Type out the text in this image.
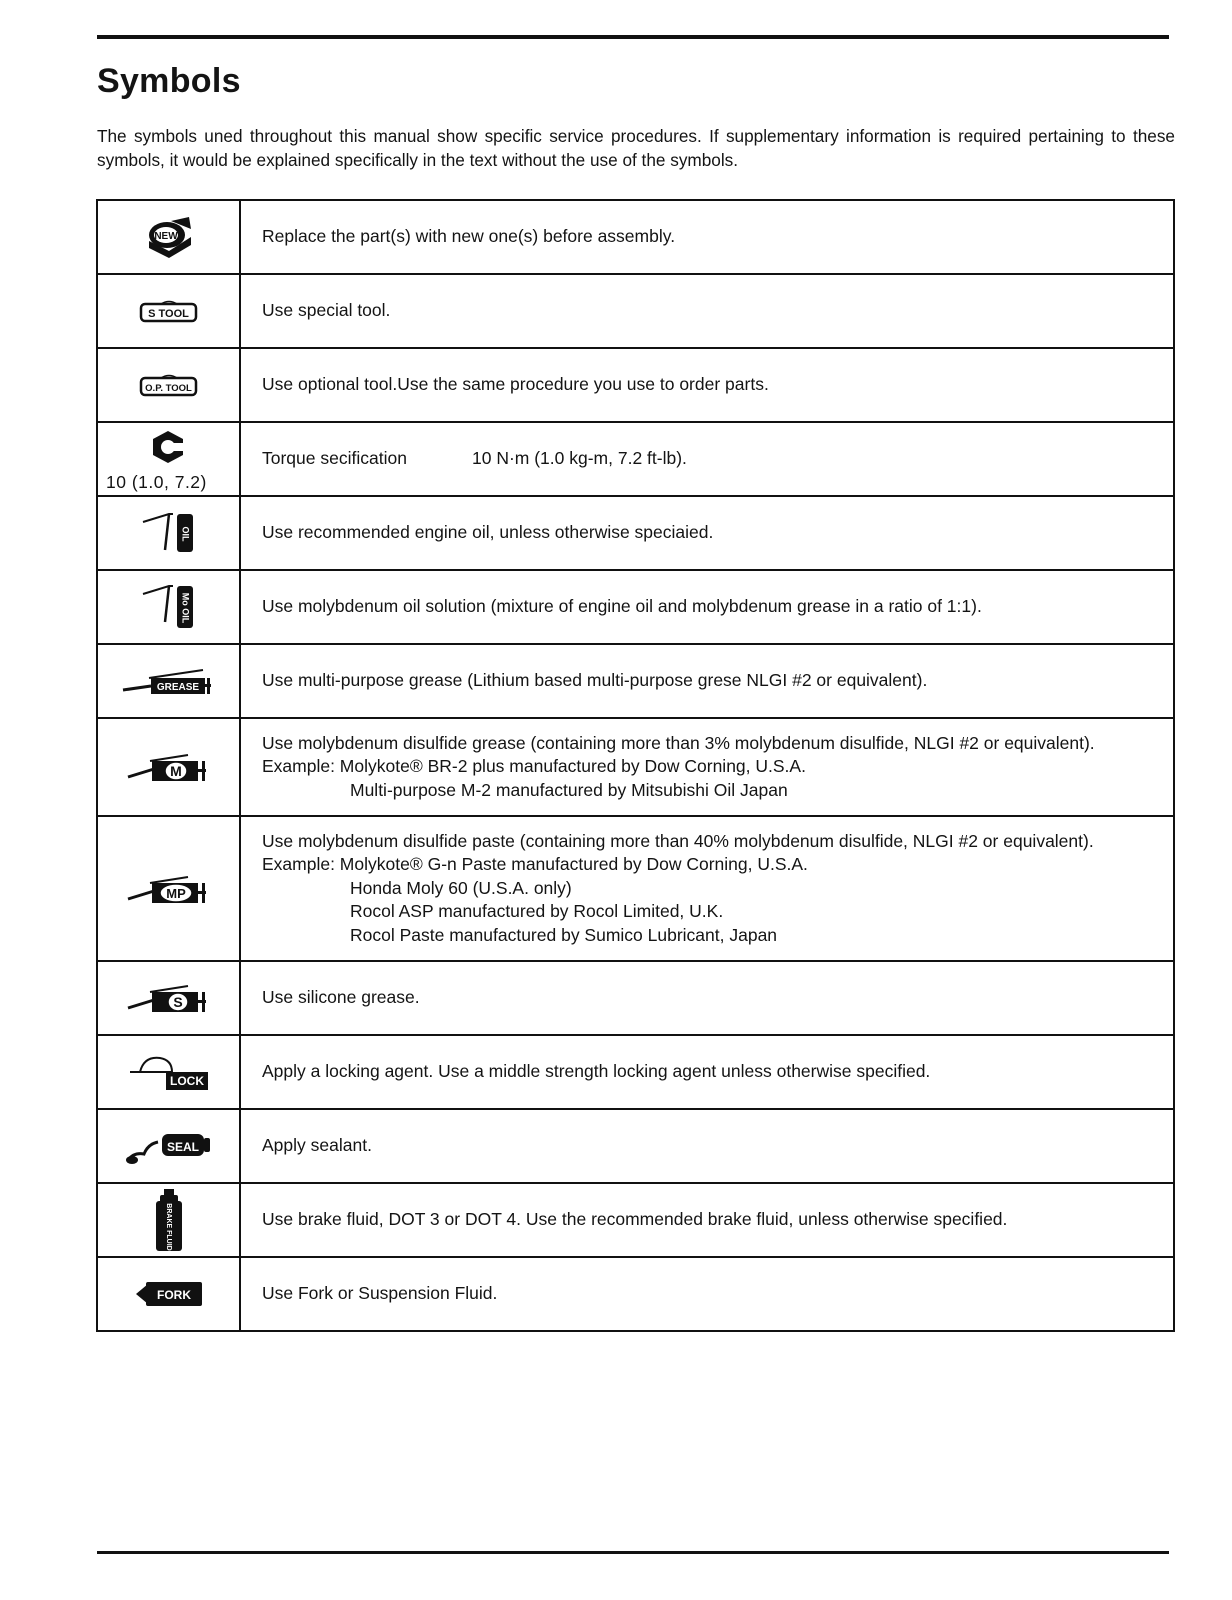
Symbols
The symbols uned throughout this manual show specific service procedures. If supplementary information is required pertaining to these symbols, it would be explained specifically in the text without the use of the symbols.
NEW	Replace the part(s) with new one(s) before assembly.

S TOOL	Use special tool.

O.P. TOOL	Use optional tool.Use the same procedure you use to order parts.

10 (1.0, 7.2)	Torque secification 10 N·m (1.0 kg-m, 7.2 ft-lb).

OIL	Use recommended engine oil, unless otherwise speciaied.

Mo OIL	Use molybdenum oil solution (mixture of engine oil and molybdenum grease in a ratio of 1:1).

GREASE	Use multi-purpose grease (Lithium based multi-purpose grese NLGI #2 or equivalent).

M	Use molybdenum disulfide grease (containing more than 3% molybdenum disulfide, NLGI #2 or equivalent).
Example: Molykote® BR-2 plus manufactured by Dow Corning, U.S.A.
Multi-purpose M-2 manufactured by Mitsubishi Oil Japan

MP	Use molybdenum disulfide paste (containing more than 40% molybdenum disulfide, NLGI #2 or equivalent).
Example: Molykote® G-n Paste manufactured by Dow Corning, U.S.A.
Honda Moly 60 (U.S.A. only)
Rocol ASP manufactured by Rocol Limited, U.K.
Rocol Paste manufactured by Sumico Lubricant, Japan

S	Use silicone grease.

LOCK	Apply a locking agent. Use a middle strength locking agent unless otherwise specified.

SEAL	Apply sealant.

BRAKE FLUID	Use brake fluid, DOT 3 or DOT 4. Use the recommended brake fluid, unless otherwise specified.

FORK	Use Fork or Suspension Fluid.
